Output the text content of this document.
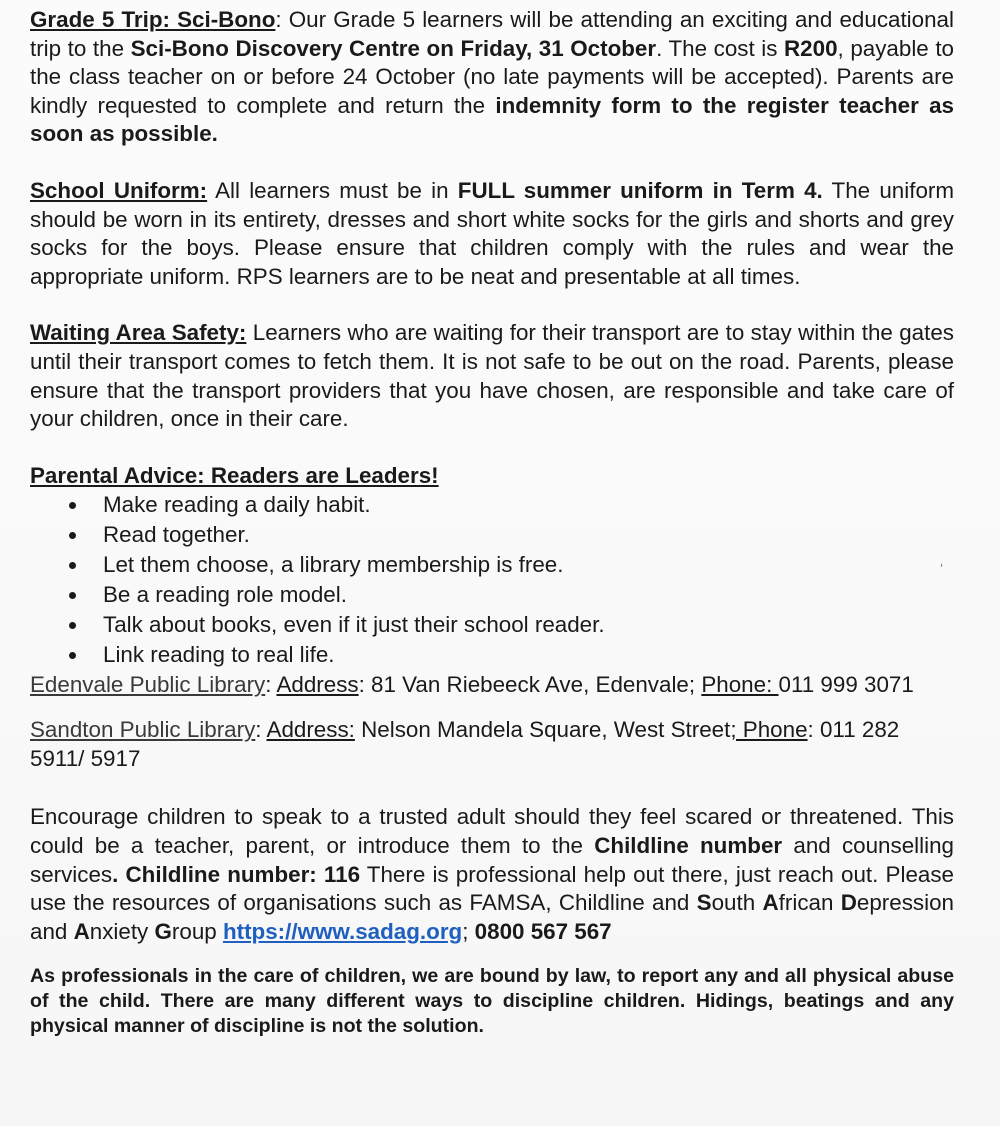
Grade 5 Trip: Sci-Bono: Our Grade 5 learners will be attending an exciting and educational trip to the Sci-Bono Discovery Centre on Friday, 31 October. The cost is R200, payable to the class teacher on or before 24 October (no late payments will be accepted). Parents are kindly requested to complete and return the indemnity form to the register teacher as soon as possible.

School Uniform: All learners must be in FULL summer uniform in Term 4. The uniform should be worn in its entirety, dresses and short white socks for the girls and shorts and grey socks for the boys. Please ensure that children comply with the rules and wear the appropriate uniform. RPS learners are to be neat and presentable at all times.

Waiting Area Safety: Learners who are waiting for their transport are to stay within the gates until their transport comes to fetch them. It is not safe to be out on the road. Parents, please ensure that the transport providers that you have chosen, are responsible and take care of your children, once in their care.

Parental Advice: Readers are Leaders!

Make reading a daily habit.
Read together.
Let them choose, a library membership is free.
Be a reading role model.
Talk about books, even if it just their school reader.
Link reading to real life.

Edenvale Public Library: Address: 81 Van Riebeeck Ave, Edenvale; Phone: 011 999 3071

Sandton Public Library: Address: Nelson Mandela Square, West Street; Phone: 011 282 5911/ 5917

Encourage children to speak to a trusted adult should they feel scared or threatened. This could be a teacher, parent, or introduce them to the Childline number and counselling services. Childline number: 116 There is professional help out there, just reach out. Please use the resources of organisations such as FAMSA, Childline and South African Depression and Anxiety Group https://www.sadag.org; 0800 567 567

As professionals in the care of children, we are bound by law, to report any and all physical abuse of the child. There are many different ways to discipline children. Hidings, beatings and any physical manner of discipline is not the solution.

‘
